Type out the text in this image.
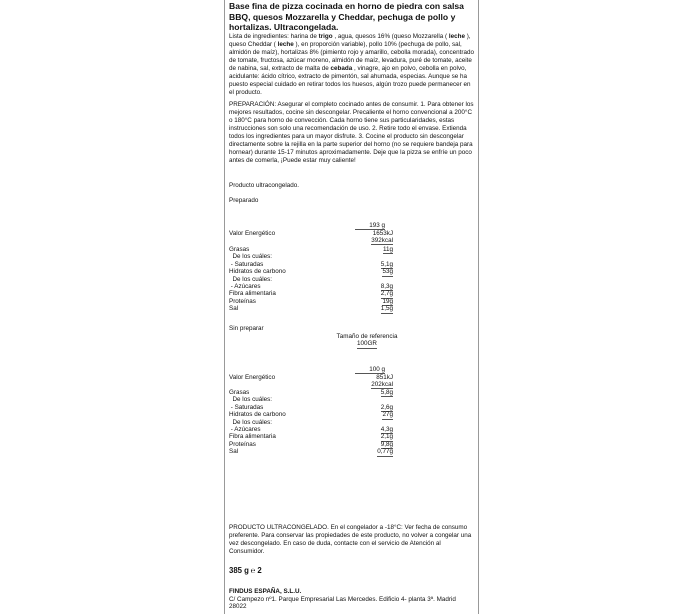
Base fina de pizza cocinada en horno de piedra con salsa BBQ, quesos Mozzarella y Cheddar, pechuga de pollo y hortalizas. Ultracongelada.
Lista de ingredientes: harina de trigo , agua, quesos 16% (queso Mozzarella ( leche ), queso Cheddar ( leche ), en proporción variable), pollo 10% (pechuga de pollo, sal, almidón de maíz), hortalizas 8% (pimiento rojo y amarillo, cebolla morada), concentrado de tomate, fructosa, azúcar moreno, almidón de maíz, levadura, puré de tomate, aceite de nabina, sal, extracto de malta de cebada , vinagre, ajo en polvo, cebolla en polvo, acidulante: ácido cítrico, extracto de pimentón, sal ahumada, especias. Aunque se ha puesto especial cuidado en retirar todos los huesos, algún trozo puede permanecer en el producto.
PREPARACIÓN: Asegurar el completo cocinado antes de consumir. 1. Para obtener los mejores resultados, cocine sin descongelar. Precaliente el horno convencional a 200°C o 180°C para horno de convección. Cada horno tiene sus particularidades, estas instrucciones son solo una recomendación de uso. 2. Retire todo el envase. Extienda todos los ingredientes para un mayor disfrute. 3. Cocine el producto sin descongelar directamente sobre la rejilla en la parte superior del horno (no se requiere bandeja para hornear) durante 15-17 minutos aproximadamente. Deje que la pizza se enfríe un poco antes de comerla, ¡Puede estar muy caliente!
Producto ultracongelado.
Preparado
193 g
Valor Energético	1653kJ
392kcal
Grasas	11g
De los cuáles:
- Saturadas	5,1g
Hidratos de carbono	53g
De los cuáles:
- Azúcares	8,3g
Fibra alimentaria	2,7g
Proteínas	19g
Sal	1,5g
Sin preparar
Tamaño de referencia
100GR
100 g
Valor Energético	851kJ
202kcal
Grasas	5,8g
De los cuáles:
- Saturadas	2,6g
Hidratos de carbono	27g
De los cuáles:
- Azúcares	4,3g
Fibra alimentaria	2,1g
Proteínas	9,8g
Sal	0,77g
PRODUCTO ULTRACONGELADO. En el congelador a -18°C: Ver fecha de consumo preferente. Para conservar las propiedades de este producto, no volver a congelar una vez descongelado. En caso de duda, contacte con el servicio de Atención al Consumidor.
385 g ℮ 2
FINDUS ESPAÑA, S.L.U.
C/ Campezo nº1. Parque Empresarial Las Mercedes. Edificio 4- planta 3ª. Madrid 28022
